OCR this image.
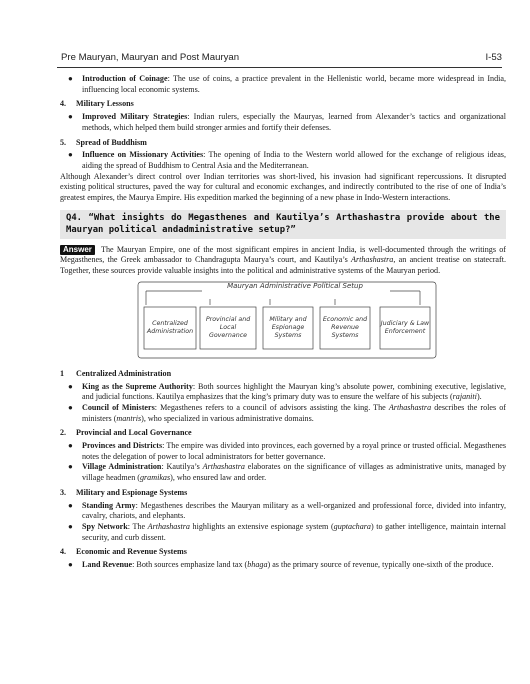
Pre Mauryan, Mauryan and Post Mauryan	I-53

● Introduction of Coinage: The use of coins, a practice prevalent in the Hellenistic world, became more widespread in India, influencing local economic systems.

4. Military Lessons

● Improved Military Strategies: Indian rulers, especially the Mauryas, learned from Alexander’s tactics and organizational methods, which helped them build stronger armies and fortify their defenses.

5. Spread of Buddhism

● Influence on Missionary Activities: The opening of India to the Western world allowed for the exchange of religious ideas, aiding the spread of Buddhism to Central Asia and the Mediterranean.

Although Alexander’s direct control over Indian territories was short-lived, his invasion had significant repercussions. It disrupted existing political structures, paved the way for cultural and economic exchanges, and indirectly contributed to the rise of one of India’s greatest empires, the Maurya Empire. His expedition marked the beginning of a new phase in Indo-Western interactions.

Q4. “What insights do Megasthenes and Kautilya’s Arthashastra provide about the Mauryan political andadministrative setup?”

Answer The Mauryan Empire, one of the most significant empires in ancient India, is well-documented through the writings of Megasthenes, the Greek ambassador to Chandragupta Maurya’s court, and Kautilya’s Arthashastra, an ancient treatise on statecraft. Together, these sources provide valuable insights into the political and administrative systems of the Mauryan period.

Mauryan Administrative Political Setup
Centralized Administration
Provincial and Local Governance
Military and Espionage Systems
Economic and Revenue Systems
Judiciary & Law Enforcement

1 Centralized Administration

● King as the Supreme Authority: Both sources highlight the Mauryan king’s absolute power, combining executive, legislative, and judicial functions. Kautilya emphasizes that the king’s primary duty was to ensure the welfare of his subjects (rajaniti).

● Council of Ministers: Megasthenes refers to a council of advisors assisting the king. The Arthashastra describes the roles of ministers (mantris), who specialized in various administrative domains.

2. Provincial and Local Governance

● Provinces and Districts: The empire was divided into provinces, each governed by a royal prince or trusted official. Megasthenes notes the delegation of power to local administrators for better governance.

● Village Administration: Kautilya’s Arthashastra elaborates on the significance of villages as administrative units, managed by village headmen (gramikas), who ensured law and order.

3. Military and Espionage Systems

● Standing Army: Megasthenes describes the Mauryan military as a well-organized and professional force, divided into infantry, cavalry, chariots, and elephants.

● Spy Network: The Arthashastra highlights an extensive espionage system (guptachara) to gather intelligence, maintain internal security, and curb dissent.

4. Economic and Revenue Systems

● Land Revenue: Both sources emphasize land tax (bhaga) as the primary source of revenue, typically one-sixth of the produce.
